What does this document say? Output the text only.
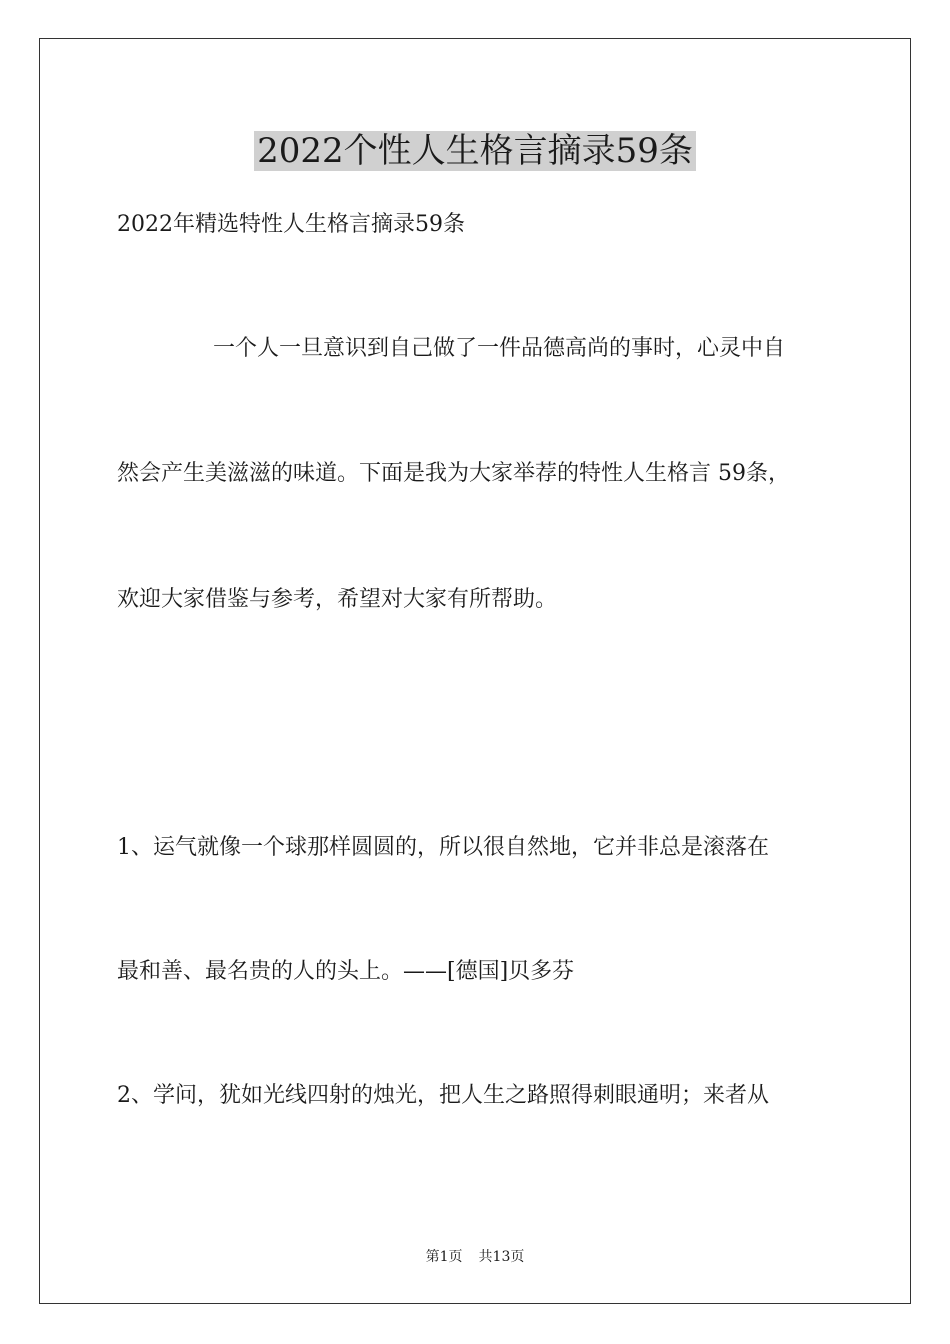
2022个性人生格言摘录59条

2022年精选特性人生格言摘录59条

一个人一旦意识到自己做了一件品德高尚的事时，心灵中自

然会产生美滋滋的味道。下面是我为大家举荐的特性人生格言 59条，

欢迎大家借鉴与参考，希望对大家有所帮助。

1、运气就像一个球那样圆圆的，所以很自然地，它并非总是滚落在

最和善、最名贵的人的头上。——[德国]贝多芬

2、学问，犹如光线四射的烛光，把人生之路照得刺眼通明；来者从

第1页 共13页
